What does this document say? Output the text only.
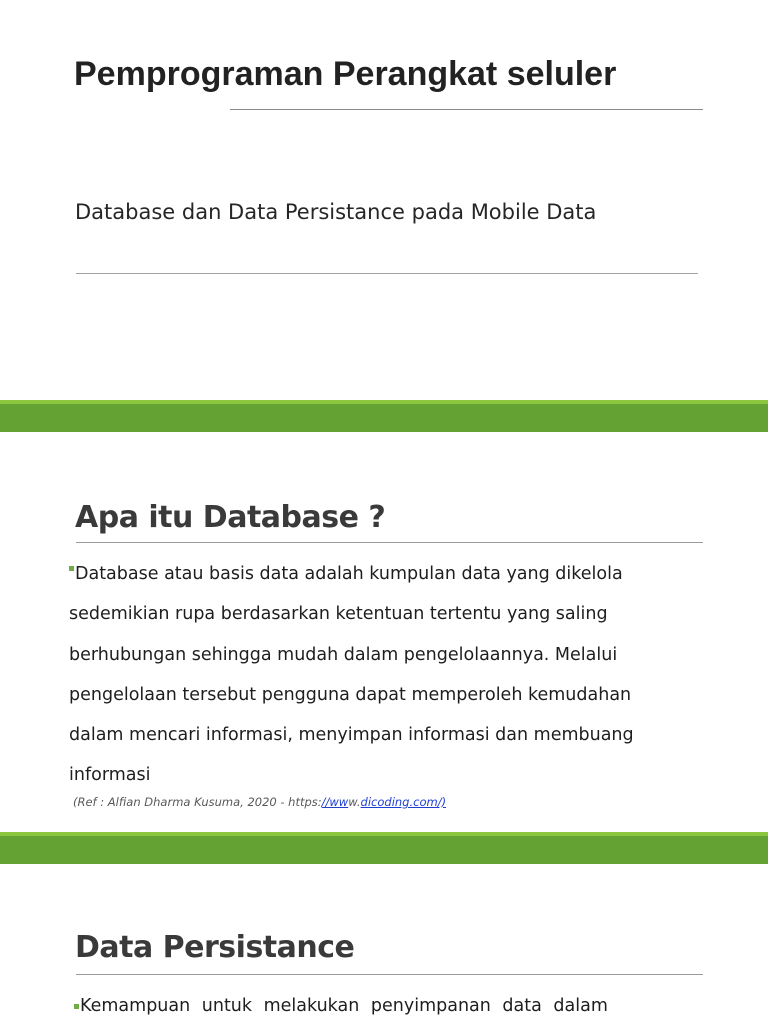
Pemprograman Perangkat seluler

Database dan Data Persistance pada Mobile Data

Apa itu Database ?
Database atau basis data adalah kumpulan data yang dikelola
sedemikian rupa berdasarkan ketentuan tertentu yang saling
berhubungan sehingga mudah dalam pengelolaannya. Melalui
pengelolaan tersebut pengguna dapat memperoleh kemudahan
dalam mencari informasi, menyimpan informasi dan membuang
informasi

(Ref : Alfian Dharma Kusuma, 2020 - https://www.dicoding.com/)

Data Persistance

Kemampuan untuk melakukan penyimpanan data dalam
